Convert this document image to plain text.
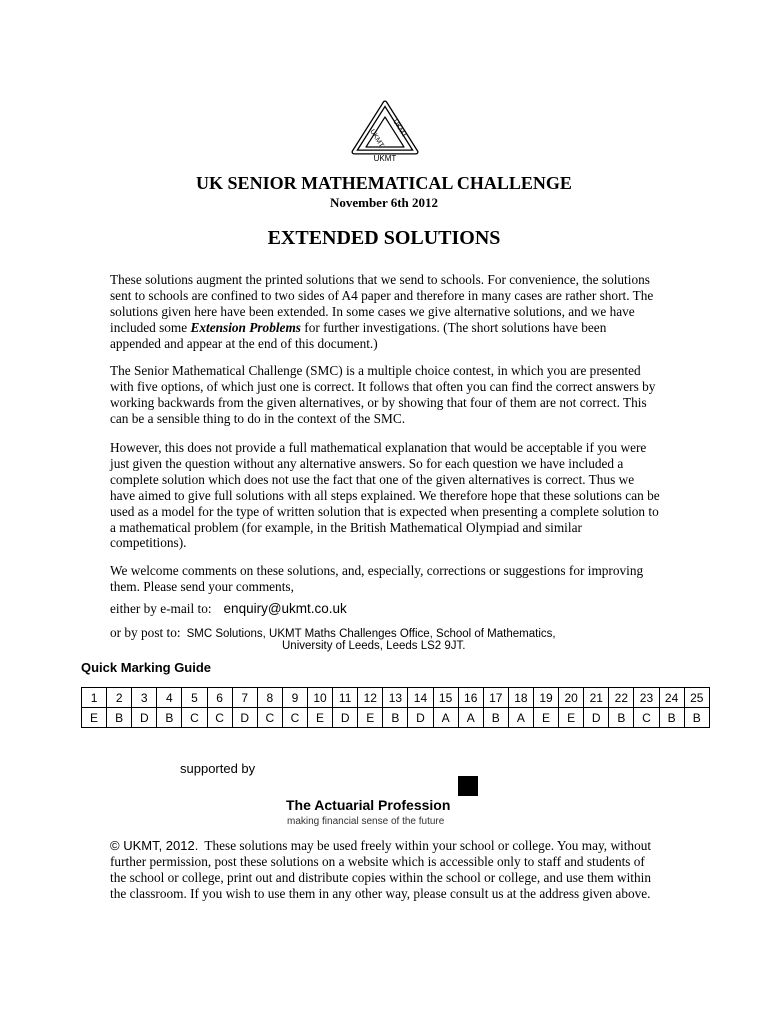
UKMT UKMT
UKMT
UK SENIOR MATHEMATICAL CHALLENGE
November 6th 2012
EXTENDED SOLUTIONS

These solutions augment the printed solutions that we send to schools. For convenience, the solutions sent to schools are confined to two sides of A4 paper and therefore in many cases are rather short. The solutions given here have been extended. In some cases we give alternative solutions, and we have included some Extension Problems for further investigations. (The short solutions have been appended and appear at the end of this document.)

The Senior Mathematical Challenge (SMC) is a multiple choice contest, in which you are presented with five options, of which just one is correct. It follows that often you can find the correct answers by working backwards from the given alternatives, or by showing that four of them are not correct. This can be a sensible thing to do in the context of the SMC.

However, this does not provide a full mathematical explanation that would be acceptable if you were just given the question without any alternative answers. So for each question we have included a complete solution which does not use the fact that one of the given alternatives is correct. Thus we have aimed to give full solutions with all steps explained. We therefore hope that these solutions can be used as a model for the type of written solution that is expected when presenting a complete solution to a mathematical problem (for example, in the British Mathematical Olympiad and similar competitions).

We welcome comments on these solutions, and, especially, corrections or suggestions for improving them. Please send your comments,

either by e-mail to: enquiry@ukmt.co.uk
or by post to: SMC Solutions, UKMT Maths Challenges Office, School of Mathematics,
University of Leeds, Leeds LS2 9JT.
Quick Marking Guide
1	2	3	4	5	6	7	8	9	10	11	12	13	14	15	16	17	18	19	20	21	22	23	24	25
E	B	D	B	C	C	D	C	C	E	D	E	B	D	A	A	B	A	E	E	D	B	C	B	B
supported by
The Actuarial Profession
making financial sense of the future

© UKMT, 2012. These solutions may be used freely within your school or college. You may, without further permission, post these solutions on a website which is accessible only to staff and students of the school or college, print out and distribute copies within the school or college, and use them within the classroom. If you wish to use them in any other way, please consult us at the address given above.
